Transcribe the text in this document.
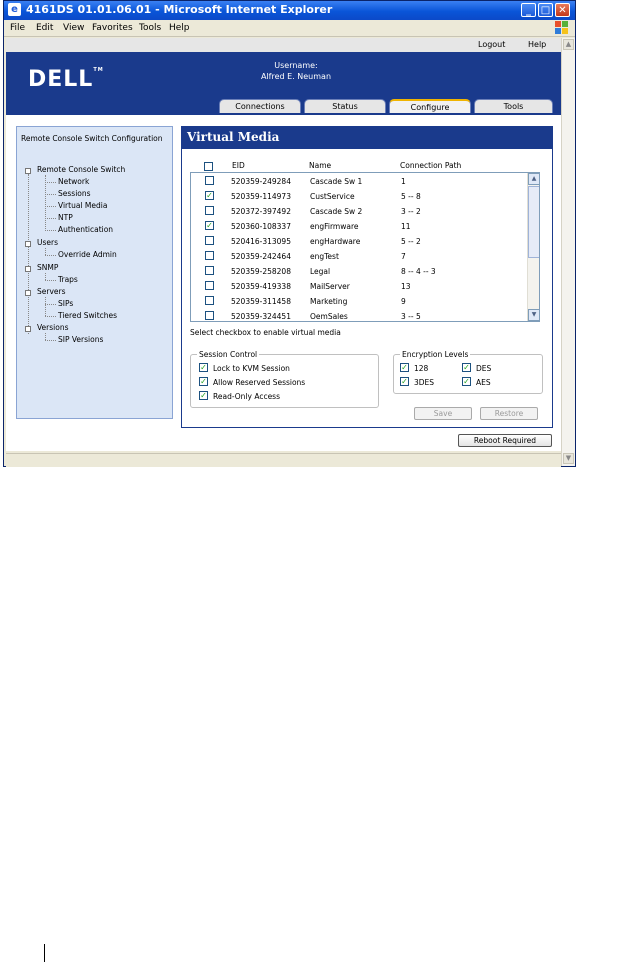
e 4161DS 01.01.06.01 - Microsoft Internet Explorer	_ □ ✕
File Edit View Favorites Tools Help
Logout	Help
DELL™	Username:
Alfred E. Neuman
Connections	Status	Configure	Tools
Remote Console Switch Configuration
Remote Console Switch
Network
Sessions
Virtual Media
NTP
Authentication
Users
Override Admin
SNMP
Traps
Servers
SIPs
Tiered Switches
Versions
SIP Versions
Virtual Media
EID	Name	Connection Path
520359-249284	Cascade Sw 1	1
✓ 520359-114973	CustService	5 -- 8
520372-397492	Cascade Sw 2	3 -- 2
✓ 520360-108337	engFirmware	11
520416-313095	engHardware	5 -- 2
520359-242464	engTest	7
520359-258208	Legal	8 -- 4 -- 3
520359-419338	MailServer	13
520359-311458	Marketing	9
520359-324451	OemSales	3 -- 5
▲
▼
Select checkbox to enable virtual media
Session Control
✓ Lock to KVM Session
✓ Allow Reserved Sessions
✓ Read-Only Access
Encryption Levels
✓ 128	✓ DES
✓ 3DES	✓ AES
Save	Restore
Reboot Required
▲
▼
